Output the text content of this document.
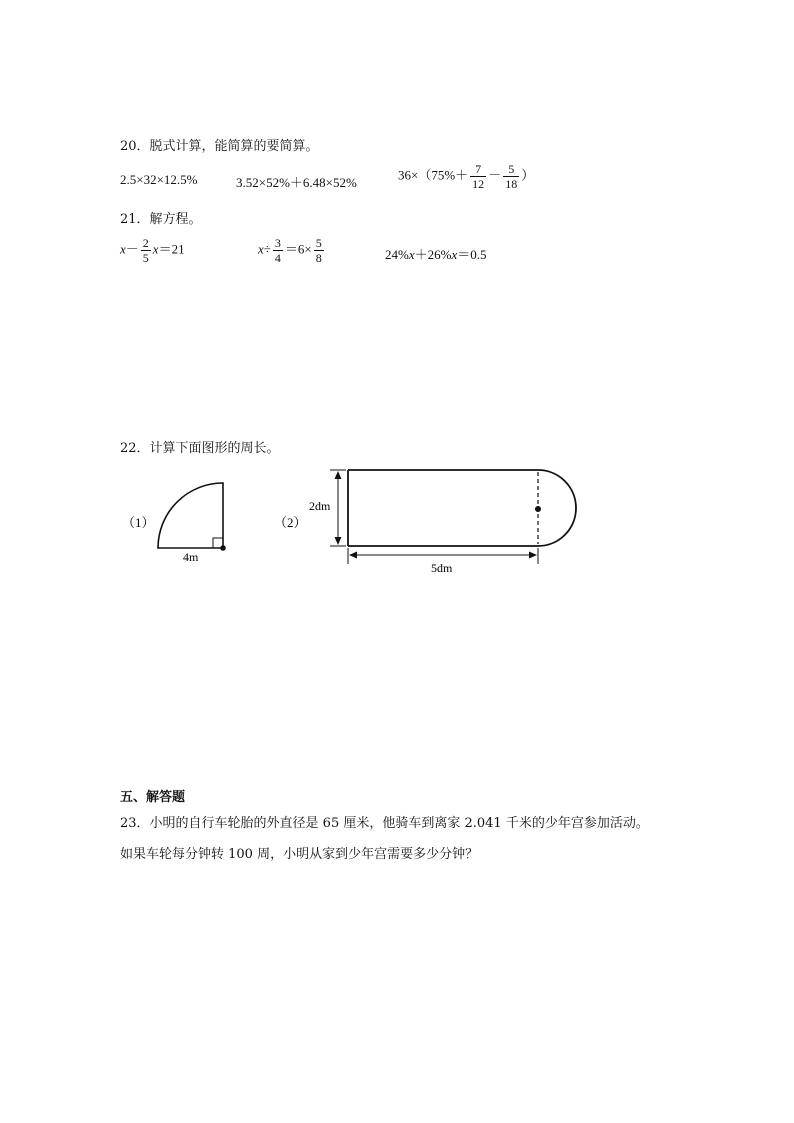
20．脱式计算，能简算的要简算。
2.5×32×12.5%	3.52×52%＋6.48×52%
$36\times(75\%+ \frac{7}{12} - \frac{5}{18}$ ）
21．解方程。
$x- \frac{2}{5} x=21$	$x\div \frac{3}{4} =6\times \frac{5}{8}$	24%x＋26%x＝0.5
22．计算下面图形的周长。
（1）
4m
（2）
2dm
5dm
五、解答题
23．小明的自行车轮胎的外直径是 65 厘米，他骑车到离家 2.041 千米的少年宫参加活动。
如果车轮每分钟转 100 周，小明从家到少年宫需要多少分钟？
